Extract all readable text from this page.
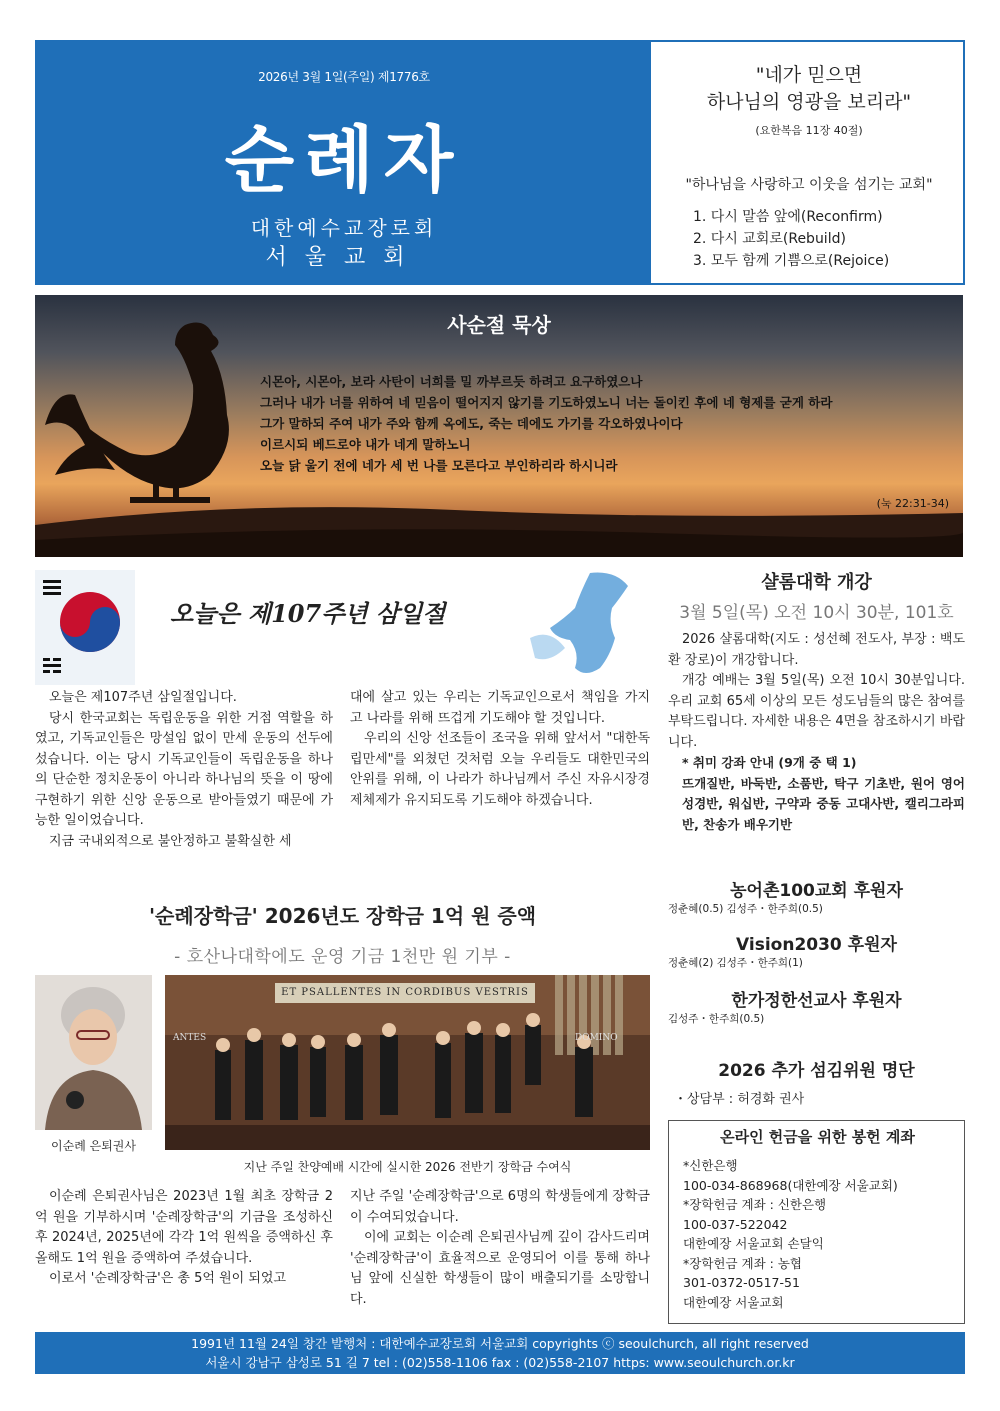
2026년 3월 1일(주일) 제1776호
순례자
대한예수교장로회
서울교회
"네가 믿으면
하나님의 영광을 보리라"
(요한복음 11장 40절)
"하나님을 사랑하고 이웃을 섬기는 교회"
1. 다시 말씀 앞에(Reconfirm)
2. 다시 교회로(Rebuild)
3. 모두 함께 기쁨으로(Rejoice)
사순절 묵상
시몬아, 시몬아, 보라 사탄이 너희를 밀 까부르듯 하려고 요구하였으나
그러나 내가 너를 위하여 네 믿음이 떨어지지 않기를 기도하였노니 너는 돌이킨 후에 네 형제를 굳게 하라
그가 말하되 주여 내가 주와 함께 옥에도, 죽는 데에도 가기를 각오하였나이다
이르시되 베드로야 내가 네게 말하노니
오늘 닭 울기 전에 네가 세 번 나를 모른다고 부인하리라 하시니라
(눅 22:31-34)
오늘은 제107주년 삼일절

오늘은 제107주년 삼일절입니다.

당시 한국교회는 독립운동을 위한 거점 역할을 하였고, 기독교인들은 망설임 없이 만세 운동의 선두에 섰습니다. 이는 당시 기독교인들이 독립운동을 하나의 단순한 정치운동이 아니라 하나님의 뜻을 이 땅에 구현하기 위한 신앙 운동으로 받아들였기 때문에 가능한 일이었습니다.

지금 국내외적으로 불안정하고 불확실한 세

대에 살고 있는 우리는 기독교인으로서 책임을 가지고 나라를 위해 뜨겁게 기도해야 할 것입니다.

우리의 신앙 선조들이 조국을 위해 앞서서 "대한독립만세"를 외쳤던 것처럼 오늘 우리들도 대한민국의 안위를 위해, 이 나라가 하나님께서 주신 자유시장경제체제가 유지되도록 기도해야 하겠습니다.

'순례장학금' 2026년도 장학금 1억 원 증액
- 호산나대학에도 운영 기금 1천만 원 기부 -
이순례 은퇴권사
ET PSALLENTES IN CORDIBUS VESTRIS
ANTES	DOMINO
지난 주일 찬양예배 시간에 실시한 2026 전반기 장학금 수여식

이순례 은퇴권사님은 2023년 1월 최초 장학금 2억 원을 기부하시며 '순례장학금'의 기금을 조성하신 후 2024년, 2025년에 각각 1억 원씩을 증액하신 후 올해도 1억 원을 증액하여 주셨습니다.

이로서 '순례장학금'은 총 5억 원이 되었고

지난 주일 '순례장학금'으로 6명의 학생들에게 장학금이 수여되었습니다.

이에 교회는 이순례 은퇴권사님께 깊이 감사드리며 '순례장학금'이 효율적으로 운영되어 이를 통해 하나님 앞에 신실한 학생들이 많이 배출되기를 소망합니다.

샬롬대학 개강
3월 5일(목) 오전 10시 30분, 101호

2026 샬롬대학(지도 : 성선혜 전도사, 부장 : 백도환 장로)이 개강합니다.

개강 예배는 3월 5일(목) 오전 10시 30분입니다. 우리 교회 65세 이상의 모든 성도님들의 많은 참여를 부탁드립니다. 자세한 내용은 4면을 참조하시기 바랍니다.

* 취미 강좌 안내 (9개 중 택 1)
뜨개질반, 바둑반, 소품반, 탁구 기초반, 원어 영어 성경반, 워십반, 구약과 중동 고대사반, 캘리그라피반, 찬송가 배우기반
농어촌100교회 후원자
정춘혜(0.5) 김성주・한주희(0.5)
Vision2030 후원자
정춘혜(2) 김성주・한주희(1)
한가정한선교사 후원자
김성주・한주희(0.5)
2026 추가 섬김위원 명단
・상담부 : 허경화 권사
온라인 헌금을 위한 봉헌 계좌
*신한은행
100-034-868968(대한예장 서울교회)
*장학헌금 계좌 : 신한은행
100-037-522042
대한예장 서울교회 손달익
*장학헌금 계좌 : 농협
301-0372-0517-51
대한예장 서울교회
1991년 11월 24일 창간 발행처 : 대한예수교장로회 서울교회 copyrights ⓒ seoulchurch, all right reserved
서울시 강남구 삼성로 51 길 7 tel : (02)558-1106 fax : (02)558-2107 https: www.seoulchurch.or.kr
